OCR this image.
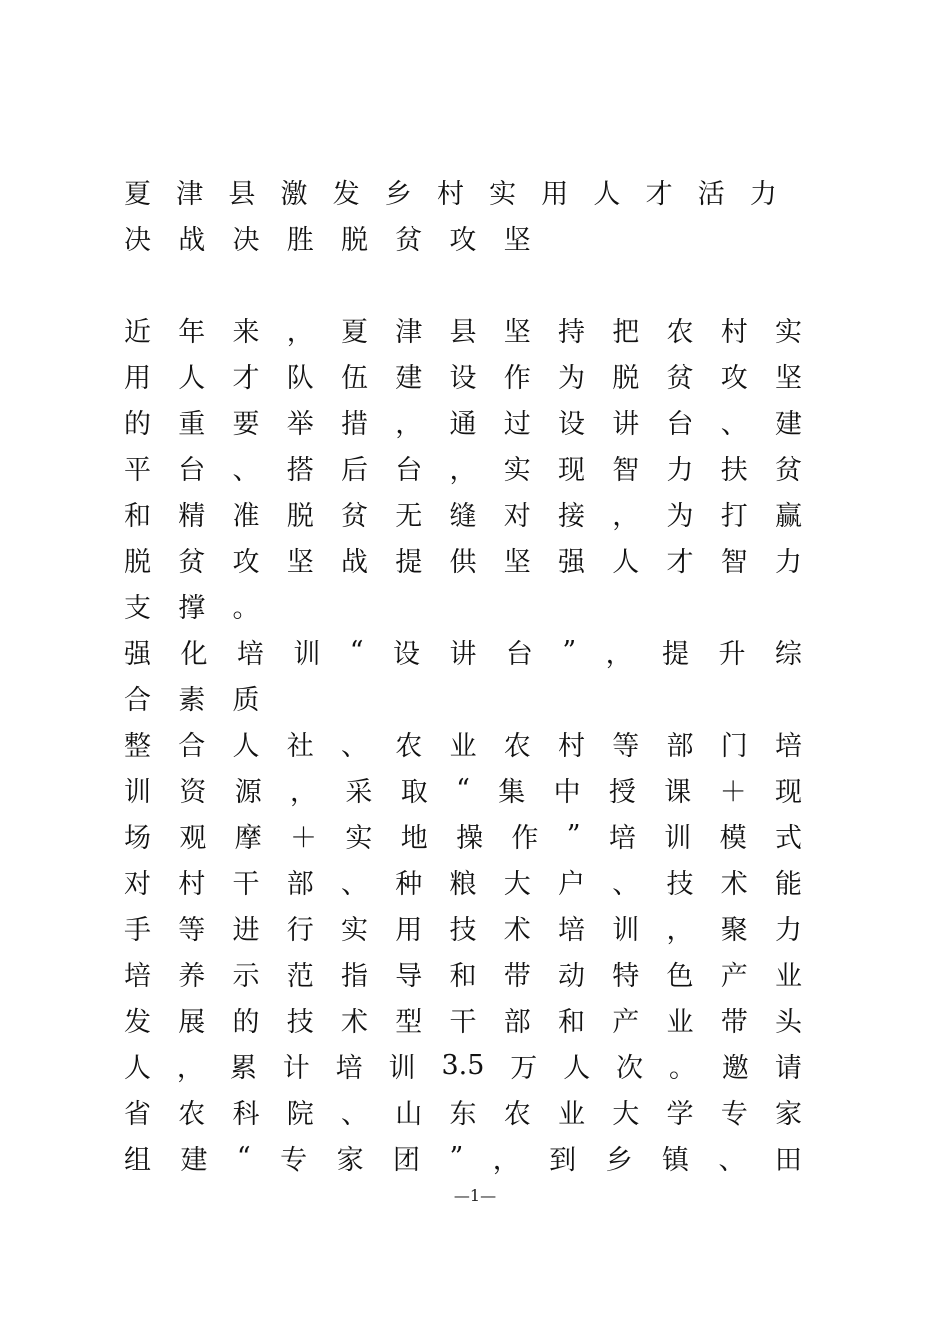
夏 津 县 激 发 乡 村 实 用 人 才 活 力
决	战	决	胜	脱	贫	攻	坚
近 年 来 ， 夏 津 县 坚 持 把 农 村 实
用 人 才 队 伍 建 设 作 为 脱 贫 攻 坚
的 重 要 举 措 ， 通 过 设 讲 台 、 建
平 台 、 搭 后 台 ， 实 现 智 力 扶 贫
和 精 准 脱 贫 无 缝 对 接 ， 为 打 赢
脱 贫 攻 坚 战 提 供 坚 强 人 才 智 力
支	撑	。
强 化 培 训 “ 设 讲 台 ” ， 提 升 综
合	素	质
整 合 人 社 、 农 业 农 村 等 部 门 培
训 资 源 ， 采 取 “ 集 中 授 课 ＋ 现
场 观 摩 ＋ 实 地 操 作 ” 培 训 模 式
对 村 干 部 、 种 粮 大 户 、 技 术 能
手 等 进 行 实 用 技 术 培 训 ， 聚 力
培 养 示 范 指 导 和 带 动 特 色 产 业
发 展 的 技 术 型 干 部 和 产 业 带 头
人 ， 累 计 培 训 3.5 万 人 次 。 邀 请
省 农 科 院 、 山 东 农 业 大 学 专 家
组 建 “ 专 家 团 ” ， 到 乡 镇 、 田
—1—
